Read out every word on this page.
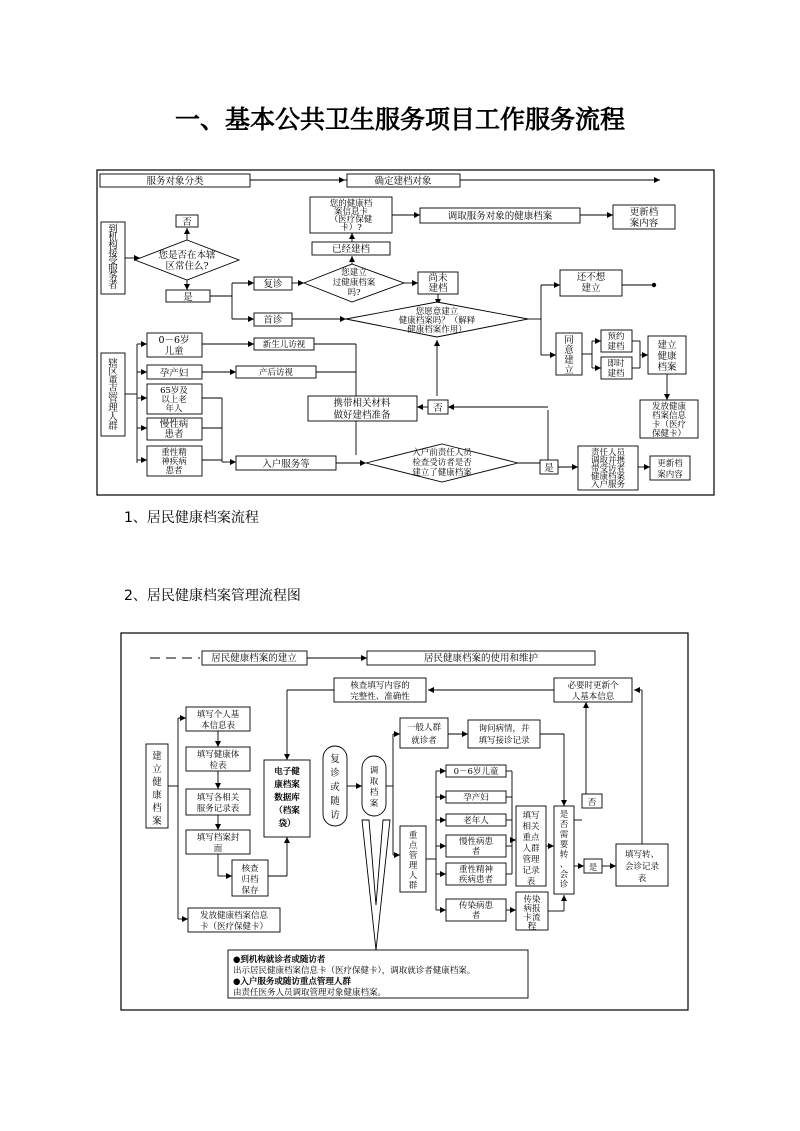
一、基本公共卫生服务项目工作服务流程
1、居民健康档案流程
2、居民健康档案管理流程图
服务对象分类	确定建档对象
到
机
构
接
受
服
务
者
您是否在本辖
区常住么?
否
是
复诊
首诊
您建立
过健康档案
吗?
已经建档
您的健康档
案信息卡
（医疗保健
卡）?
调取服务对象的健康档案	更新档
案内容
尚未
建档
您愿意建立
健康档案吗？（解释
健康档案作用）
还不想
建立
同
意
建
立
预约
建档
即时
建档
建立
健康
档案
发放健康
档案信息
卡（医疗
保健卡）
辖
区
重
点
管
理
人
群
0－6岁
儿童
孕产妇
65岁及
以上老
年人
慢性病
患者
重性精
神疾病
患者
新生儿访视
产后访视
入户服务等
入户前责任人员
检查受访者是否
建立了健康档案
否
携带相关材料
做好建档准备
是
责任人员
调取并携
带受访者
健康档案
入户服务
更新档
案内容
居民健康档案的建立	居民健康档案的使用和维护
核查填写内容的
完整性、准确性
必要时更新个
人基本信息
建
立
健
康
档
案
填写个人基
本信息表
填写健康体
检表
填写各相关
服务记录表
填写档案封
面
核查
归档
保存
发放健康档案信息
卡（医疗保健卡）
电子健
康档案
数据库
（档案
袋）
复
诊
或
随
访
调
取
档
案
一般人群
就诊者
询问病情，并
填写接诊记录
重
点
管
理
人
群
0－6岁儿童
孕产妇
老年人
慢性病患
者
重性精神
疾病患者
传染病患
者
填写
相关
重点
人群
管理
记录
表
传染
病报
卡流
程
是
否
需
要
转
、
会
诊
否
是
填写转、
会诊记录
表
●到机构就诊者或随访者
出示居民健康档案信息卡（医疗保健卡），调取就诊者健康档案。
●入户服务或随访重点管理人群
由责任医务人员调取管理对象健康档案。
